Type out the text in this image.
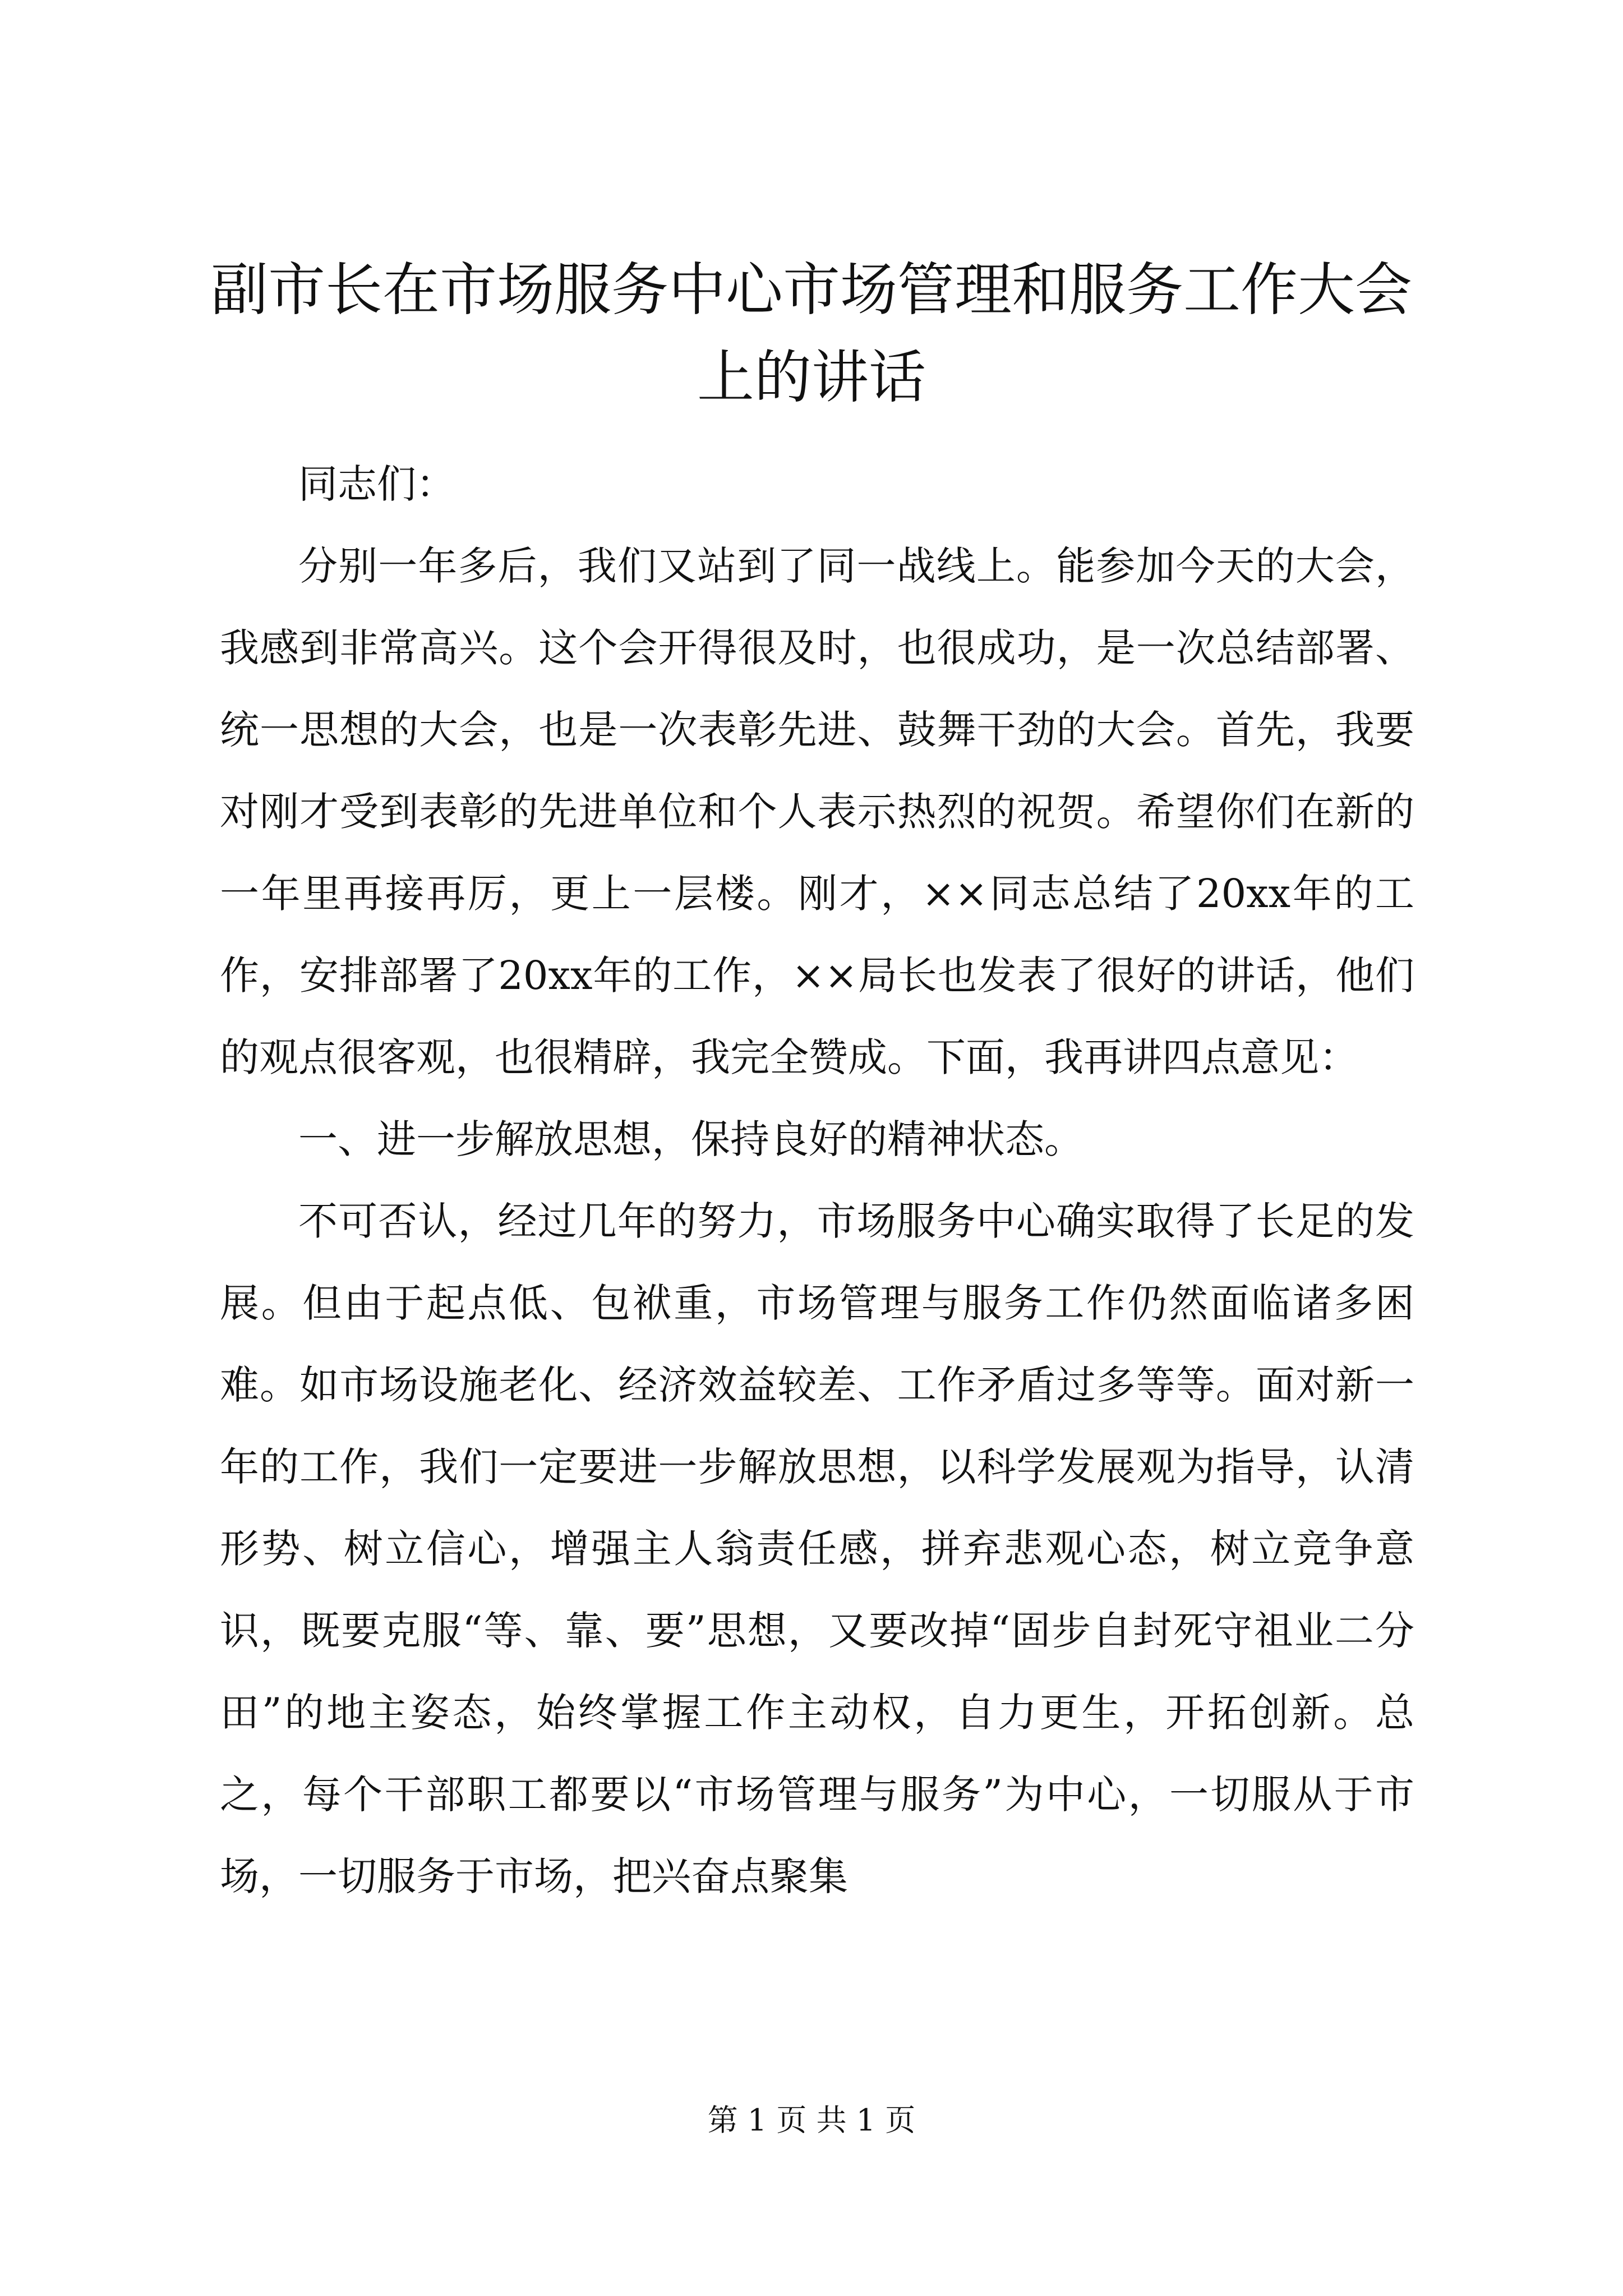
副市长在市场服务中心市场管理和服务工作大会上的讲话

同志们：

分别一年多后，我们又站到了同一战线上。能参加今天的大会，我感到非常高兴。这个会开得很及时，也很成功，是一次总结部署、统一思想的大会，也是一次表彰先进、鼓舞干劲的大会。首先，我要对刚才受到表彰的先进单位和个人表示热烈的祝贺。希望你们在新的一年里再接再厉，更上一层楼。刚才，××同志总结了20xx年的工作，安排部署了20xx年的工作，××局长也发表了很好的讲话，他们的观点很客观，也很精辟，我完全赞成。下面，我再讲四点意见：

一、进一步解放思想，保持良好的精神状态。

不可否认，经过几年的努力，市场服务中心确实取得了长足的发展。但由于起点低、包袱重，市场管理与服务工作仍然面临诸多困难。如市场设施老化、经济效益较差、工作矛盾过多等等。面对新一年的工作，我们一定要进一步解放思想，以科学发展观为指导，认清形势、树立信心，增强主人翁责任感，拼弃悲观心态，树立竞争意识，既要克服“等、靠、要”思想，又要改掉“固步自封死守祖业二分田”的地主姿态，始终掌握工作主动权，自力更生，开拓创新。总之，每个干部职工都要以“市场管理与服务”为中心，一切服从于市场，一切服务于市场，把兴奋点聚集

第 1 页 共 1 页
